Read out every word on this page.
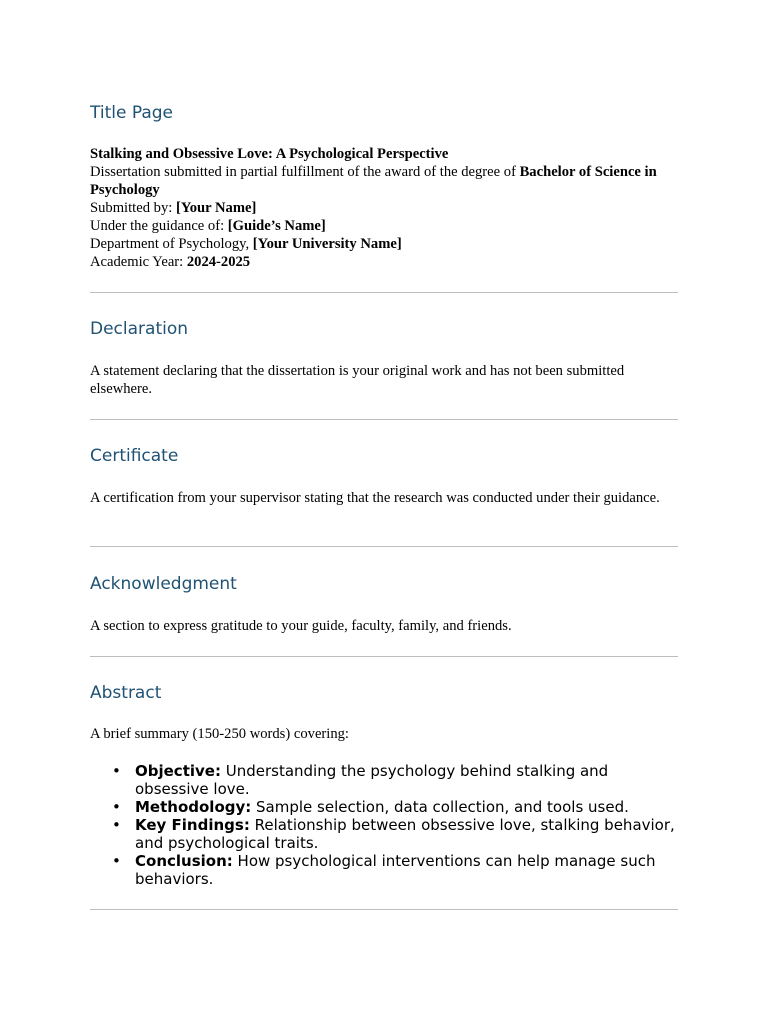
Title Page
Stalking and Obsessive Love: A Psychological Perspective
Dissertation submitted in partial fulfillment of the award of the degree of Bachelor of Science in Psychology
Submitted by: [Your Name]
Under the guidance of: [Guide’s Name]
Department of Psychology, [Your University Name]
Academic Year: 2024-2025
Declaration
A statement declaring that the dissertation is your original work and has not been submitted elsewhere.
Certificate
A certification from your supervisor stating that the research was conducted under their guidance.
Acknowledgment
A section to express gratitude to your guide, faculty, family, and friends.
Abstract
A brief summary (150-250 words) covering:
• Objective: Understanding the psychology behind stalking and obsessive love.
• Methodology: Sample selection, data collection, and tools used.
• Key Findings: Relationship between obsessive love, stalking behavior, and psychological traits.
• Conclusion: How psychological interventions can help manage such behaviors.
